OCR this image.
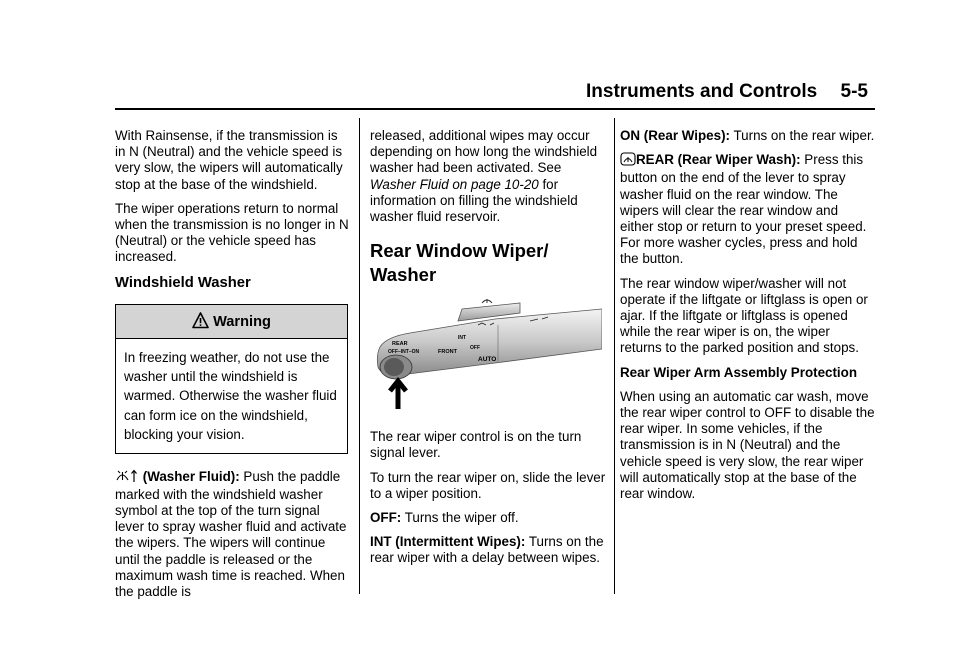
Instruments and Controls 5-5

With Rainsense, if the transmission is in N (Neutral) and the vehicle speed is very slow, the wipers will automatically stop at the base of the windshield.

The wiper operations return to normal when the transmission is no longer in N (Neutral) or the vehicle speed has increased.

Windshield Washer
Warning
In freezing weather, do not use the washer until the windshield is warmed. Otherwise the washer fluid can form ice on the windshield, blocking your vision.

(Washer Fluid): Push the paddle marked with the windshield washer symbol at the top of the turn signal lever to spray washer fluid and activate the wipers. The wipers will continue until the paddle is released or the maximum wash time is reached. When the paddle is

released, additional wipes may occur depending on how long the windshield washer had been activated. See Washer Fluid on page 10-20 for information on filling the windshield washer fluid reservoir.

Rear Window Wiper/ Washer
REAR
OFF–INT–ON	FRONT
INT
OFF
AUTO

The rear wiper control is on the turn signal lever.

To turn the rear wiper on, slide the lever to a wiper position.

OFF: Turns the wiper off.

INT (Intermittent Wipes): Turns on the rear wiper with a delay between wipes.

ON (Rear Wipes): Turns on the rear wiper.

REAR (Rear Wiper Wash): Press this button on the end of the lever to spray washer fluid on the rear window. The wipers will clear the rear window and either stop or return to your preset speed. For more washer cycles, press and hold the button.

The rear window wiper/washer will not operate if the liftgate or liftglass is open or ajar. If the liftgate or liftglass is opened while the rear wiper is on, the wiper returns to the parked position and stops.

Rear Wiper Arm Assembly Protection

When using an automatic car wash, move the rear wiper control to OFF to disable the rear wiper. In some vehicles, if the transmission is in N (Neutral) and the vehicle speed is very slow, the rear wiper will automatically stop at the base of the rear window.
